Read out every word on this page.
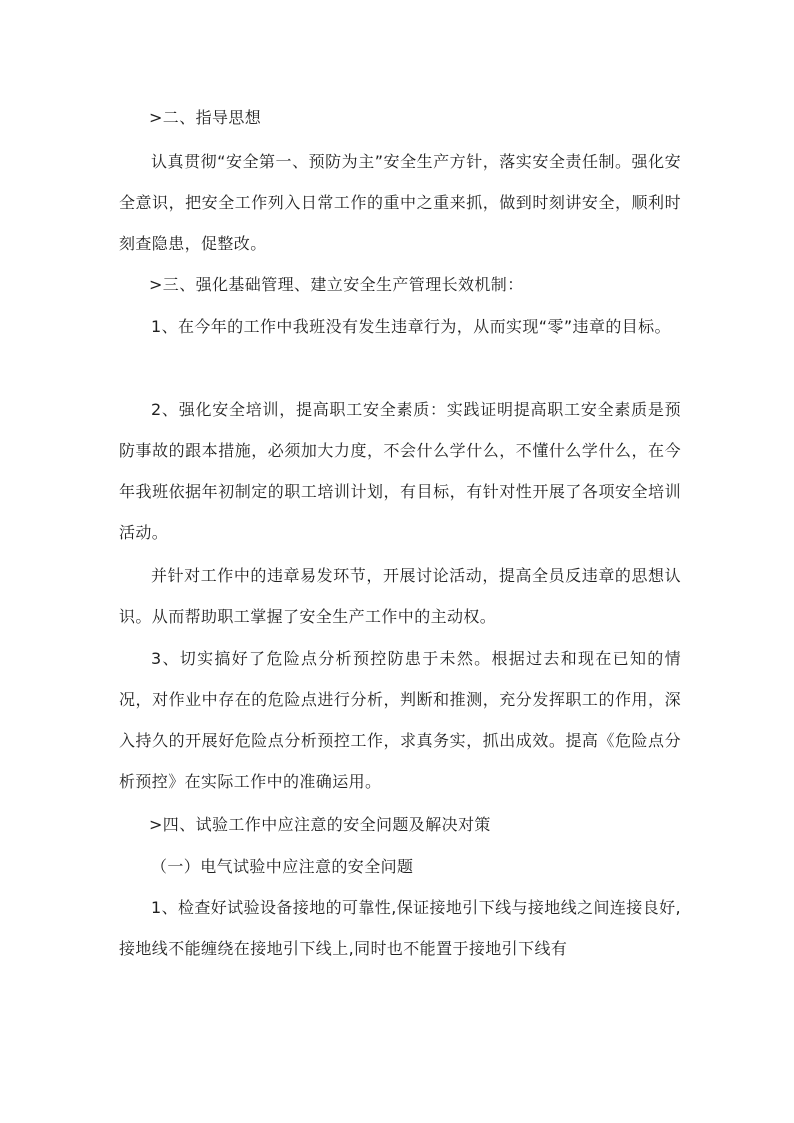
>二、指导思想

认真贯彻“安全第一、预防为主”安全生产方针，落实安全责任制。强化安全意识，把安全工作列入日常工作的重中之重来抓，做到时刻讲安全，顺利时刻查隐患，促整改。

>三、强化基础管理、建立安全生产管理长效机制：

1、在今年的工作中我班没有发生违章行为，从而实现“零”违章的目标。

2、强化安全培训，提高职工安全素质：实践证明提高职工安全素质是预防事故的跟本措施，必须加大力度，不会什么学什么，不懂什么学什么，在今年我班依据年初制定的职工培训计划，有目标，有针对性开展了各项安全培训活动。

并针对工作中的违章易发环节，开展讨论活动，提高全员反违章的思想认识。从而帮助职工掌握了安全生产工作中的主动权。

3、切实搞好了危险点分析预控防患于未然。根据过去和现在已知的情况，对作业中存在的危险点进行分析，判断和推测，充分发挥职工的作用，深入持久的开展好危险点分析预控工作，求真务实，抓出成效。提高《危险点分析预控》在实际工作中的准确运用。

>四、试验工作中应注意的安全问题及解决对策

（一）电气试验中应注意的安全问题

1、检查好试验设备接地的可靠性,保证接地引下线与接地线之间连接良好,接地线不能缠绕在接地引下线上,同时也不能置于接地引下线有
